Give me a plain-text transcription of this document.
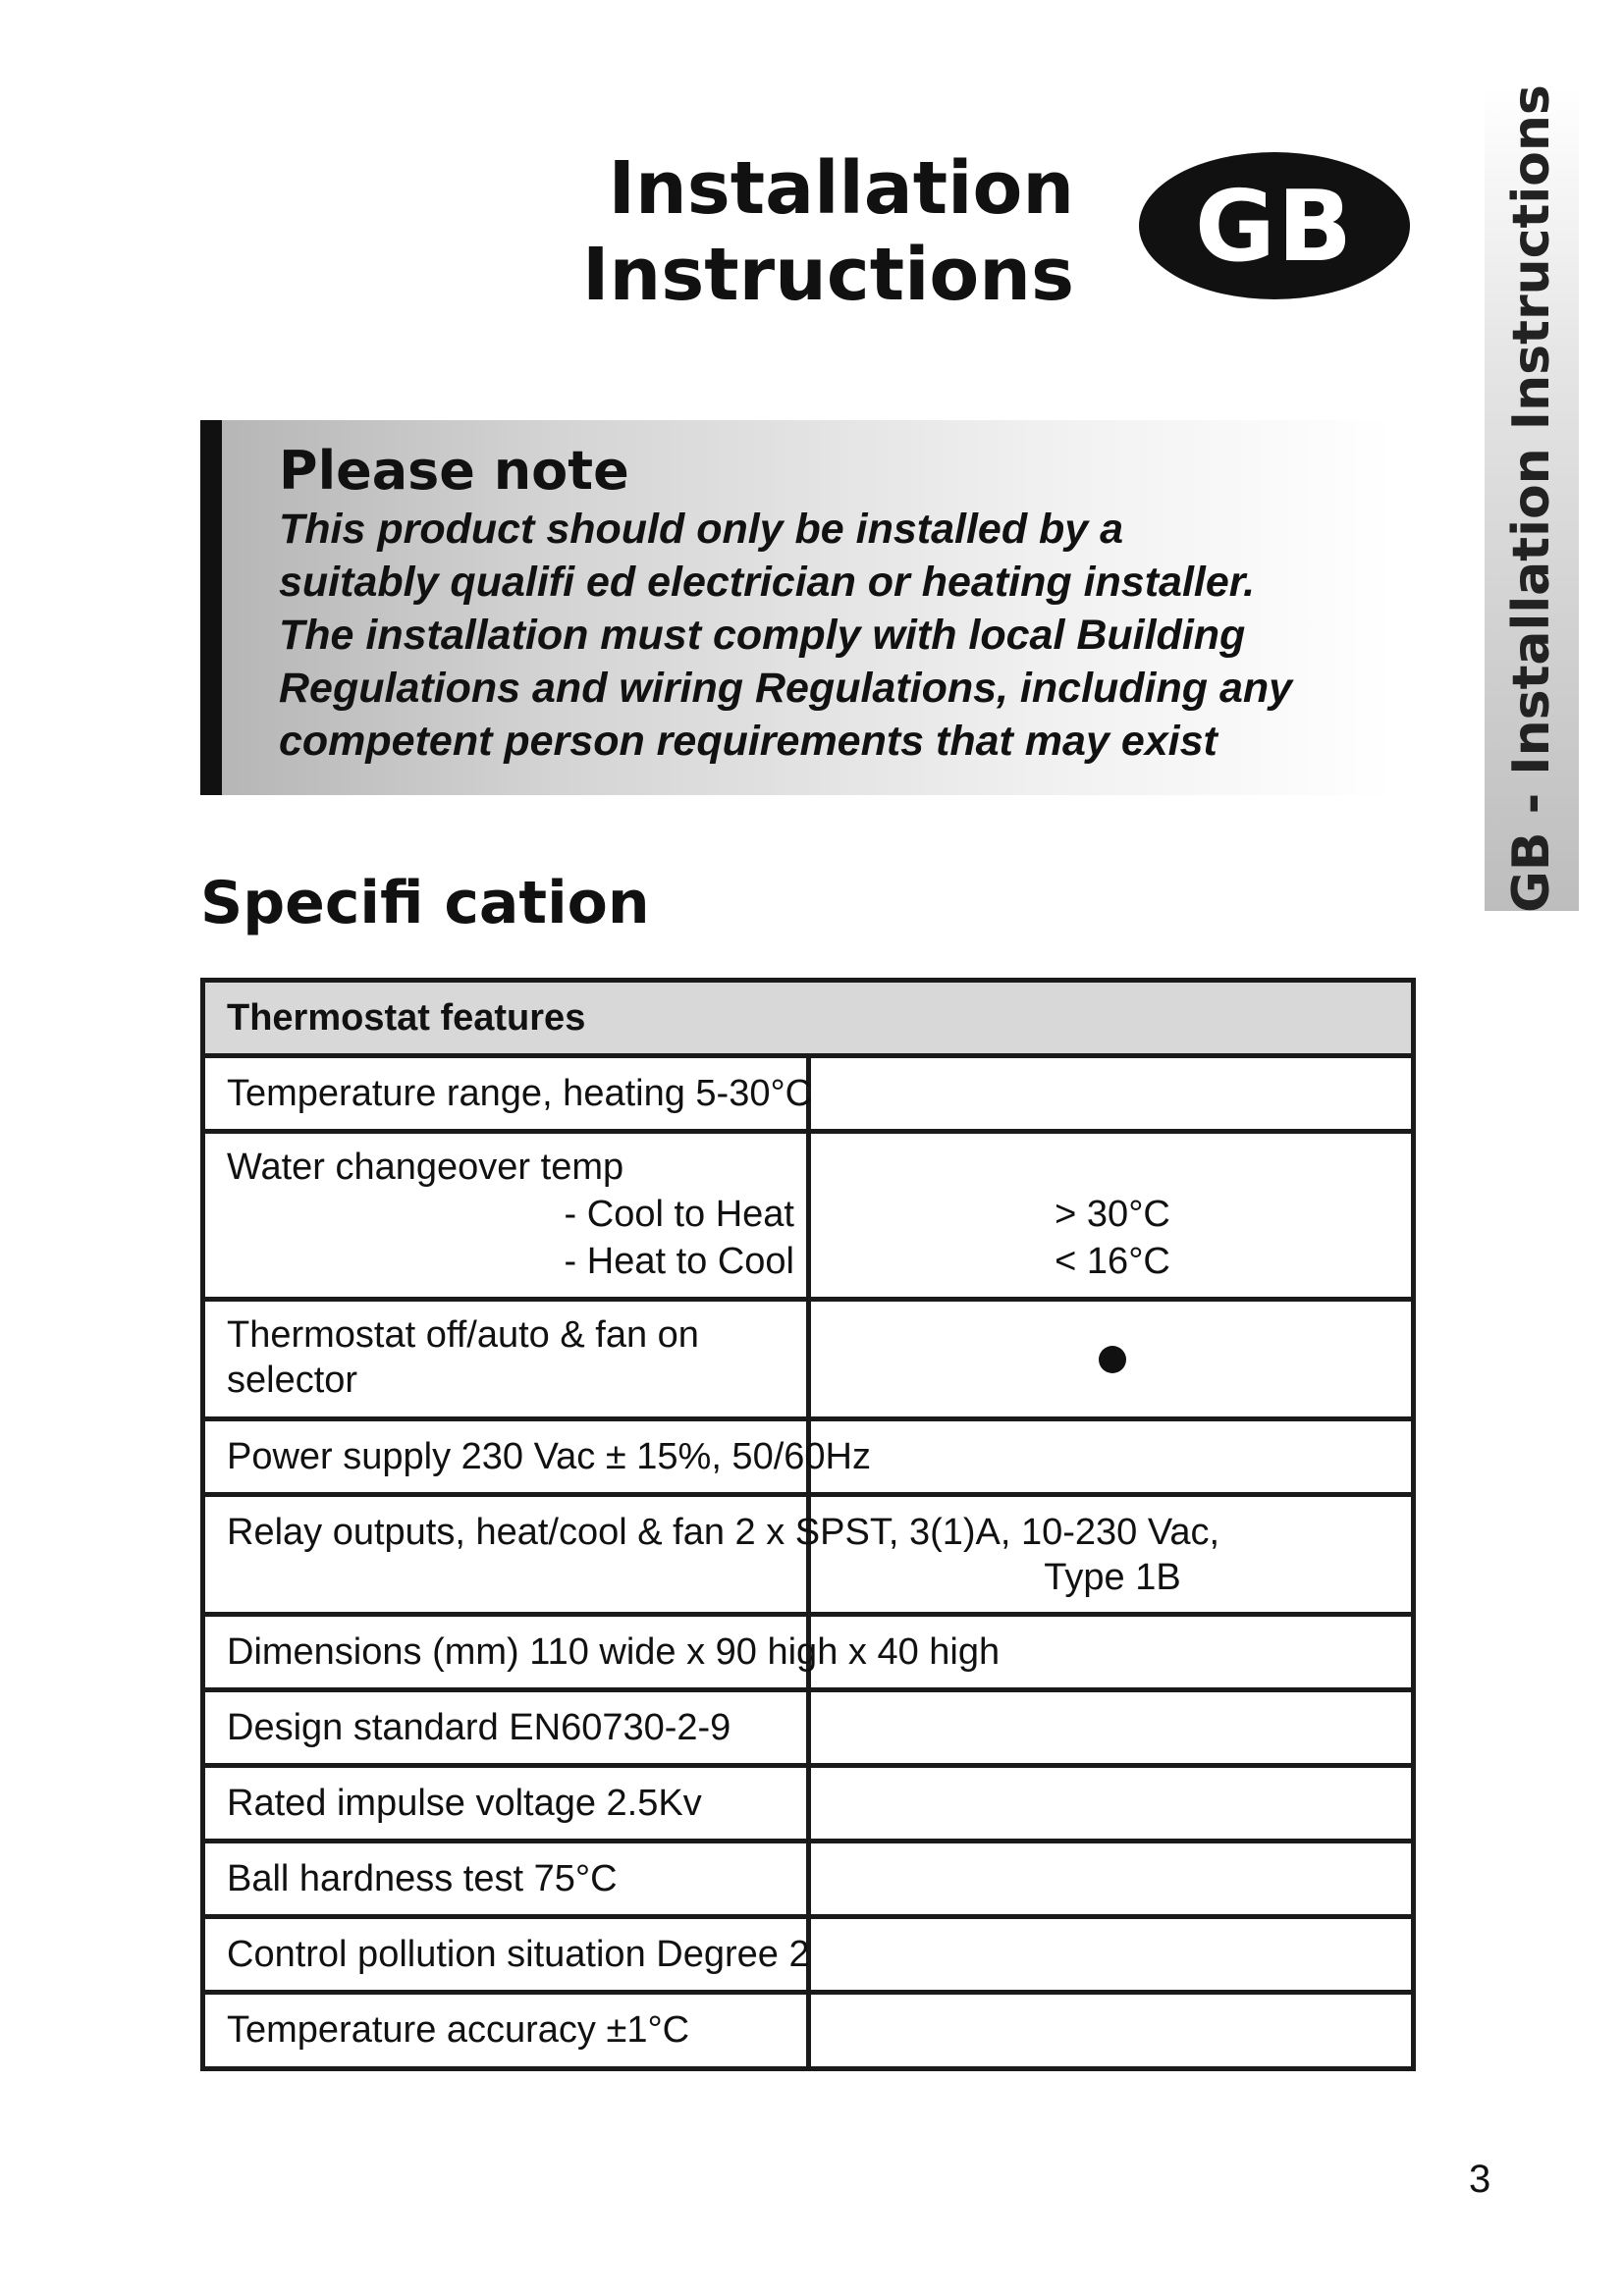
Installation
Instructions	GB	GB - Installation Instructions
Please note
This product should only be installed by a
suitably qualifi ed electrician or heating installer.
The installation must comply with local Building
Regulations and wiring Regulations, including any
competent person requirements that may exist
Specifi cation
Thermostat features
Temperature range, heating 5-30°C
Water changeover temp
- Cool to Heat	> 30°C
- Heat to Cool	< 16°C
Thermostat off/auto & fan on
selector
Power supply 230 Vac ± 15%, 50/60Hz
Relay outputs, heat/cool & fan 2 x SPST, 3(1)A, 10-230 Vac,
Type 1B
Dimensions (mm) 110 wide x 90 high x 40 high
Design standard EN60730-2-9
Rated impulse voltage 2.5Kv
Ball hardness test 75°C
Control pollution situation Degree 2
Temperature accuracy ±1°C
3
